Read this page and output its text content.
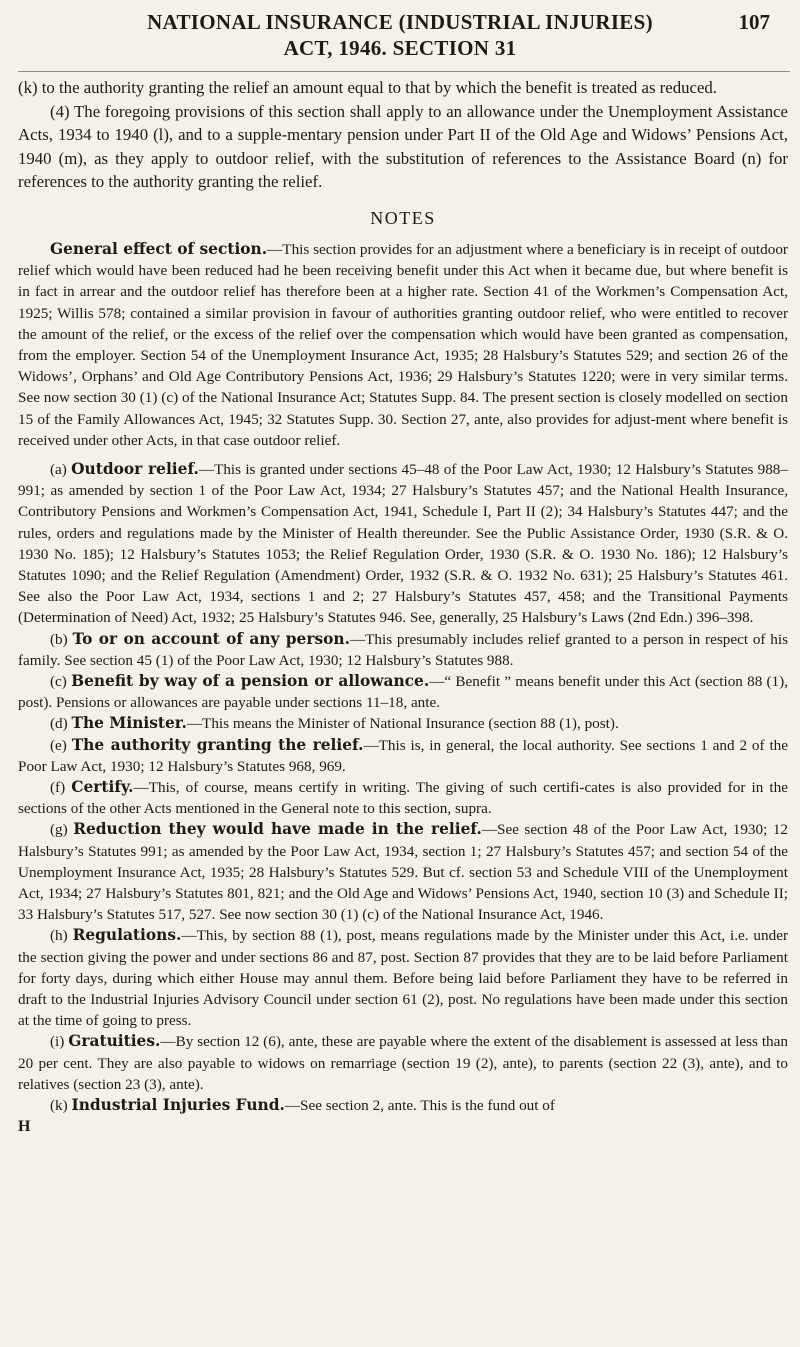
NATIONAL INSURANCE (INDUSTRIAL INJURIES)
ACT, 1946. SECTION 31
107

(k) to the authority granting the relief an amount equal to that by which the benefit is treated as reduced.

(4) The foregoing provisions of this section shall apply to an allowance under the Unemployment Assistance Acts, 1934 to 1940 (l), and to a supple-mentary pension under Part II of the Old Age and Widows’ Pensions Act, 1940 (m), as they apply to outdoor relief, with the substitution of references to the Assistance Board (n) for references to the authority granting the relief.

NOTES

General effect of section.—This section provides for an adjustment where a beneficiary is in receipt of outdoor relief which would have been reduced had he been receiving benefit under this Act when it became due, but where benefit is in fact in arrear and the outdoor relief has therefore been at a higher rate. Section 41 of the Workmen’s Compensation Act, 1925; Willis 578; contained a similar provision in favour of authorities granting outdoor relief, who were entitled to recover the amount of the relief, or the excess of the relief over the compensation which would have been granted as compensation, from the employer. Section 54 of the Unemployment Insurance Act, 1935; 28 Halsbury’s Statutes 529; and section 26 of the Widows’, Orphans’ and Old Age Contributory Pensions Act, 1936; 29 Halsbury’s Statutes 1220; were in very similar terms. See now section 30 (1) (c) of the National Insurance Act; Statutes Supp. 84. The present section is closely modelled on section 15 of the Family Allowances Act, 1945; 32 Statutes Supp. 30. Section 27, ante, also provides for adjust-ment where benefit is received under other Acts, in that case outdoor relief.

(a) Outdoor relief.—This is granted under sections 45–48 of the Poor Law Act, 1930; 12 Halsbury’s Statutes 988–991; as amended by section 1 of the Poor Law Act, 1934; 27 Halsbury’s Statutes 457; and the National Health Insurance, Contributory Pensions and Workmen’s Compensation Act, 1941, Schedule I, Part II (2); 34 Halsbury’s Statutes 447; and the rules, orders and regulations made by the Minister of Health thereunder. See the Public Assistance Order, 1930 (S.R. & O. 1930 No. 185); 12 Halsbury’s Statutes 1053; the Relief Regulation Order, 1930 (S.R. & O. 1930 No. 186); 12 Halsbury’s Statutes 1090; and the Relief Regulation (Amendment) Order, 1932 (S.R. & O. 1932 No. 631); 25 Halsbury’s Statutes 461. See also the Poor Law Act, 1934, sections 1 and 2; 27 Halsbury’s Statutes 457, 458; and the Transitional Payments (Determination of Need) Act, 1932; 25 Halsbury’s Statutes 946. See, generally, 25 Halsbury’s Laws (2nd Edn.) 396–398.

(b) To or on account of any person.—This presumably includes relief granted to a person in respect of his family. See section 45 (1) of the Poor Law Act, 1930; 12 Halsbury’s Statutes 988.

(c) Benefit by way of a pension or allowance.—“ Benefit ” means benefit under this Act (section 88 (1), post). Pensions or allowances are payable under sections 11–18, ante.

(d) The Minister.—This means the Minister of National Insurance (section 88 (1), post).

(e) The authority granting the relief.—This is, in general, the local authority. See sections 1 and 2 of the Poor Law Act, 1930; 12 Halsbury’s Statutes 968, 969.

(f) Certify.—This, of course, means certify in writing. The giving of such certifi-cates is also provided for in the sections of the other Acts mentioned in the General note to this section, supra.

(g) Reduction they would have made in the relief.—See section 48 of the Poor Law Act, 1930; 12 Halsbury’s Statutes 991; as amended by the Poor Law Act, 1934, section 1; 27 Halsbury’s Statutes 457; and section 54 of the Unemployment Insurance Act, 1935; 28 Halsbury’s Statutes 529. But cf. section 53 and Schedule VIII of the Unemployment Act, 1934; 27 Halsbury’s Statutes 801, 821; and the Old Age and Widows’ Pensions Act, 1940, section 10 (3) and Schedule II; 33 Halsbury’s Statutes 517, 527. See now section 30 (1) (c) of the National Insurance Act, 1946.

(h) Regulations.—This, by section 88 (1), post, means regulations made by the Minister under this Act, i.e. under the section giving the power and under sections 86 and 87, post. Section 87 provides that they are to be laid before Parliament for forty days, during which either House may annul them. Before being laid before Parliament they have to be referred in draft to the Industrial Injuries Advisory Council under section 61 (2), post. No regulations have been made under this section at the time of going to press.

(i) Gratuities.—By section 12 (6), ante, these are payable where the extent of the disablement is assessed at less than 20 per cent. They are also payable to widows on remarriage (section 19 (2), ante), to parents (section 22 (3), ante), and to relatives (section 23 (3), ante).

(k) Industrial Injuries Fund.—See section 2, ante. This is the fund out of

H
